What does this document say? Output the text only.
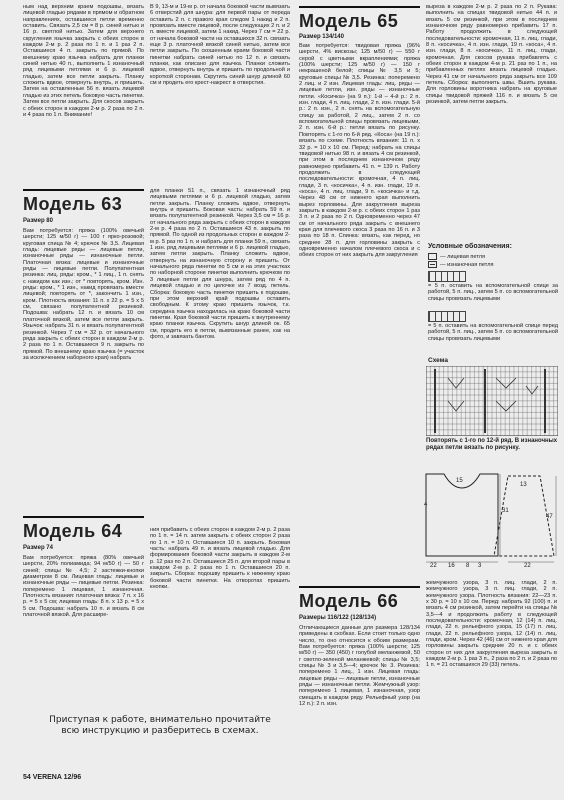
ным над верхним краем подошвы, вязать лицевой гладью рядами в прямом и обратном направлениях, оставшиеся петли временно оставить. Связать 2,5 см = 8 р. синей нитью и 16 р. светлой нитью. Затем для верхнего скругления язычка закрыть с обеих сторон в каждом 2-м р. 2 раза по 1 п. и 1 раз 2 п. Оставшиеся 4 п. закрыть по прямой. По внешнему краю язычка набрать для планки синей нитью 40 п., выполнить 1 изнаночный ряд лицевыми петлями и 6 р. лицевой гладью, затем все петли закрыть. Планку сложить вдвое, отвернуть внутрь, и пришить. Затем на оставленные 56 п. вязать лицевой гладью из этих петель боковую часть пинетки. Затем все петли закрыть. Для скосов закрыть с обеих сторон в каждом 2-м р. 2 раза по 2 п. и 4 раза по 1 п. Внимание!

В 9, 13-м и 19-м р. от начала боковой части вывязать 6 отверстий для шнура: для первой пары от переда оставить 2 п. с правого края следом 1 накид и 2 п. провязать вместе лицевой, после следующих 2 п. и 2 п. вместе лицевой, затем 1 накид. Через 7 см = 22 р. от начала боковой части на оставшихся 32 п. связать еще 3 р. платочной вязкой синей нитью, затем все петли закрыть. По скошенным краям боковой части пинетки набрать синей нитью по 12 п. и связать планки, как описано для язычка. Планки сложить вдвое, отвернуть внутрь и пришить по продольной и короткой сторонам. Скрутить синий шнур длиной 60 см и продеть его крест-накрест в отверстия.

Модель 65
Размер 134/140

Вам потребуется: твидовая пряжа (96% шерсти, 4% вискозы; 125 м/50 г) — 550 г серой с цветными вкраплениями; пряжа (100% шерсти; 125 м/50 г) — 150 г некрашеной белой; спицы № 3,5 и 5; круговые спицы № 3,5. Резинка: поперемено 2 лиц. и 2 изн. Лицевая гладь: лиц. ряды — лицевые петли, изн. ряды — изнаночные петли. «Косичка» (на 9 п.): 1-й – 4-й р.: 2 п. изн. глади, 4 п. лиц. глади, 2 п. изн. глади. 5-й р.: 2 п. изн., 2 п. снять на вспомогательную спицу за работой, 2 лиц., затем 2 п. со вспомогательной спицы провязать лицевыми, 2 п. изн. 6-й р.: петли вязать по рисунку. Повторять с 1-го по 6-й ряд. «Коса» (на 19 п.): вязать по схеме. Плотность вязания: 11 п. х 32 р. = 10 х 10 см. Перед: набрать на спицы твидовой нитью 98 п. и вязать 4 см резинкой, при этом в последнем изнаночном ряду равномерно прибавить 41 п. = 139 п. Работу продолжить в следующей последовательности: кромочная, 4 п. лиц. глади, 3 п. «косичка», 4 п. изн. глади, 19 п. «коса», 4 п. лиц. глади, 9 п. «косичка» и т.д. Через 48 см от нижнего края выполнить вырез горловины. Для закругления выреза закрыть в каждом 2-м р. с обеих сторон 1 раз 3 п. и 2 раза по 2 п. Одновременно через 47 см от начального ряда закрыть с внешнего края для плечевого скоса 3 раза по 16 п. и 3 раза по 18 п. Спинка: вязать, как перед, но среднее 28 п. для горловины закрыть с одновременно началом плечевого скоса и с обеих сторон от них закрыть для закругления

выреза в каждом 2-м р. 2 раза по 2 п. Рукава: выполнить на спицах твидовой нитью 44 п. и вязать 5 см резинкой, при этом в последнем изнаночном ряду равномерно прибавить 17 п. Работу продолжить в следующей последовательности: кромочная, 11 п. лиц. глади, 8 п. «косичка», 4 п. изн. глади, 19 п. «коса», 4 п. изн. глади, 8 п. «косичка», 11 п. лиц. глади, кромочная. Для скосов рукава прибавлять с обеих сторон в каждом 4-м р. 21 раз по 1 п., на прибавленных петлях вязать лицевой гладью. Через 41 см от начального ряда закрыть все 109 петель. Сборка: выполнить швы. Вшить рукава. Для горловины воротника набрать на круговые спицы твидовой пряжей 116 п. и вязать 5 см резинкой, затем петли закрыть.

Условные обозначения:
— лицевая петля
— изнаночная петля
= 5 п. оставить на вспомогательной спице за работой, 5 п. лиц., затем 5 п. со вспомогательной спицы провязать лицевыми
= 5 п. оставить на вспомогательной спице перед работой, 5 п. лиц., затем 5 п. со вспомогательной спицы провязать лицевыми
Схема
Повторять с 1-го по 12-й ряд. В изнаночных рядах петли вязать по рисунку.
22 16 8 3	22
31
47
4
13
15
Модель 63
Размер 80

Вам потребуется: пряжа (100% овечьей шерсти; 125 м/50 г) — 100 г ярко-розовой; круговая спица № 4; крючок № 3,5. Лицевая гладь: лицевые ряды — лицевые петли, изнаночные ряды — изнаночные петли. Платочная вязка: лицевые и изнаночные ряды — лицевые петли. Полупатентная резинка: лиц. ряды: кром., * 1 лиц., 1 п. снять с накидом как изн.; от * повторять, кром. Изн. ряды: кром., * 1 изн., накид провязать вместе лицевой; повторять от *, закончить 1 изн., кром. Плотность вязания: 11 п. х 22 р. = 5 х 5 см, связано полупатентной резинкой. Подошва: набрать 12 п. и вязать 10 см платочной вязкой, затем все петли закрыть. Язычок: набрать 31 п. и вязать полупатентной резинкой. Через 7 см = 32 р. от начального ряда закрыть с обеих сторон в каждом 2-м р. 2 раза по 1 п. Оставшиеся 9 п. закрыть по прямой. По внешнему краю язычка (= участок за исключением наборного края) набрать

для планки 51 п., связать 1 изнаночный ряд лицевыми петлями и 6 р. лицевой гладью, затем петли закрыть. Планку сложить вдвое, отвернуть внутрь и пришить. Боковая часть: набрать 59 п. и вязать полупатентной резинкой. Через 3,5 см = 16 р. от начального ряда закрыть с обеих сторон в каждом 2-м р. 4 раза по 2 п. Оставшиеся 43 п. закрыть по прямой. По одной из продольных сторон в каждом 2-м р. 5 раз по 1 п. и набрать для планки 59 п., связать 1 изн. ряд лицевыми петлями и 6 р. лицевой гладью, затем петли закрыть. Планку сложить вдвое, отвернуть на изнаночную сторону и пришить. От начального ряда пинетки по 5 см и на этих участках по наборной стороне пинетки выполнить крючком по 3 лицевые петли для шнура, затем ряд по 4 п. лицевой гладью и по целочке из 7 возд. петель. Сборка: боковую часть пинетки пришить к подошве, при этом верхний край подошвы оставить свободным. К этому краю пришить язычок, т.к. середина язычка находилась на краю боковой части пинетки. Края боковой части пришить к внутреннему краю планки язычка. Скрутить шнур длиной ок. 65 см, продеть его в петли, вывязанные ранее, как на фото, и завязать бантом.

Модель 64
Размер 74

Вам потребуется: пряжа (80% овечьей шерсти, 20% полиамида; 94 м/50 г) — 50 г синей; спицы № 4,5; 2 застежки-кнопки диаметром 8 см. Лицевая гладь: лицевые и изнаночные ряды — лицевые петли. Резинка: поперемено 1 лицевая, 1 изнаночная. Плотность вязания: платочная вязка: 7 п. х 16 р. = 5 х 5 см; лицевая гладь: 8 п. х 13 р. = 5 х 5 см. Подошва: набрать 10 п. и вязать 8 см платочной вязкой. Для расшире-

ния прибавить с обеих сторон в каждом 2-м р. 2 раза по 1 п. = 14 п. затем закрыть с обеих сторон 2 раза по 1 п. = 10 п. Оставшиеся 10 п. закрыть. Боковая часть: набрать 49 п. и вязать лицевой гладью. Для формирования боковой части закрыть в каждом 2-м р. 12 раз по 2 п. Оставшиеся 25 п. для второй пары в каждом 2-м р. 2 раза по 1 п. Оставшиеся 20 п. закрыть. Сборка: подошву пришить к нижнему краю боковой части пинетки. На отворотах пришить кнопки.

Модель 66
Размеры 116/122 (128/134)

Отличающиеся данные для размера 128/134 приведены в скобках. Если стоит только одно число, то оно относится к обоим размерам. Вам потребуется: пряжа (100% шерсти; 125 м/50 г) — 350 (450) г голубой меланжевой, 50 г светло-зеленой меланжевой; спицы № 3,5; спицы № 3 и 3,5—4; крючок № 3. Резинка: поперемено 1 лиц., 1 изн. Лицевая гладь: лицевые ряды — лицевые петли, изнаночные ряды — изнаночные петли. Жемчужный узор: поперемено 1 лицевая, 1 изнаночная, узор смещать в каждом ряду. Рельефный узор (на 12 п.): 2 п. изн.

жемчужного узора, 3 п. лиц. глади, 2 п. жемчужного узора, 3 п. лиц. глади, 2 п. жемчужного узора. Плотность вязания: 22—23 п. х 30 р. = 10 х 10 см. Перед: набрать 92 (100) п. и вязать 4 см резинкой, затем перейти на спицы № 3,5—4 и продолжить работу в следующей последовательности: кромочная, 12 (14) п. лиц. глади, 22 п. рельефного узора, 15 (17) п. лиц. глади, 22 п. рельефного узора, 12 (14) п. лиц. глади, кром. Через 42 (46) см от нижнего края для горловины закрыть средние 20 п. и с обеих сторон от них для закругления выреза закрыть в каждом 2-м р. 1 раз 3 п., 2 раза по 2 п. и 2 раза по 1 п. = 21 оставшихся 29 (33) петель.

Приступая к работе, внимательно прочитайте всю инструкцию и разберитесь в схемах.
54 VERENA 12/96
